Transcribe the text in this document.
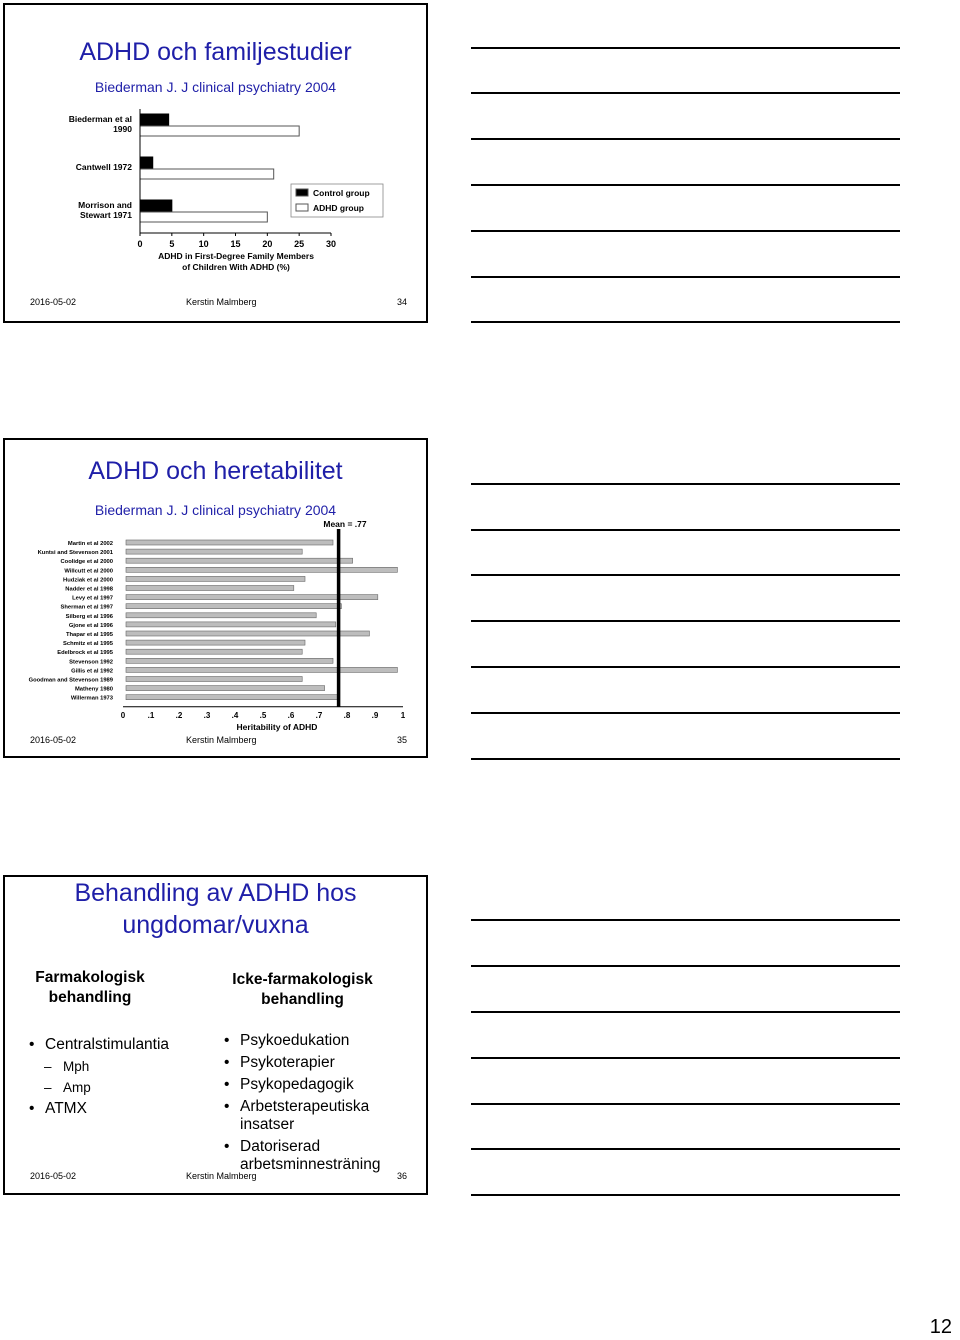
ADHD och familjestudier
Biederman J. J clinical psychiatry 2004
Biederman et al
1990
Cantwell 1972
Morrison and
Stewart 1971
0	5	10 15 20 25 30
ADHD in First-Degree Family Members
of Children With ADHD (%)
Control group
ADHD group
2016-05-02	Kerstin Malmberg	34
ADHD och heretabilitet
Biederman J. J clinical psychiatry 2004
Martin et al 2002
Kuntsi and Stevenson 2001
Coolidge et al 2000
Willcutt et al 2000
Hudziak et al 2000
Nadder et al 1998
Levy et al 1997
Sherman et al 1997
Silberg et al 1996
Gjone et al 1996
Thapar et al 1995
Schmitz et al 1995
Edelbrock et al 1995
Stevenson 1992
Gillis et al 1992
Goodman and Stevenson 1989
Matheny 1980
Willerman 1973
0	.1	.2	.3	.4	.5	.6	.7	.8	.9	1
Heritability of ADHD
Mean = .77
2016-05-02	Kerstin Malmberg	35
Behandling av ADHD hos
ungdomar/vuxna
Farmakologisk
behandling
Icke-farmakologisk
behandling
• Centralstimulantia
– Mph
– Amp
• ATMX
• Psykoedukation
• Psykoterapier
• Psykopedagogik
• Arbetsterapeutiska insatser
• Datoriserad arbetsminnesträning
2016-05-02	Kerstin Malmberg	36
12
